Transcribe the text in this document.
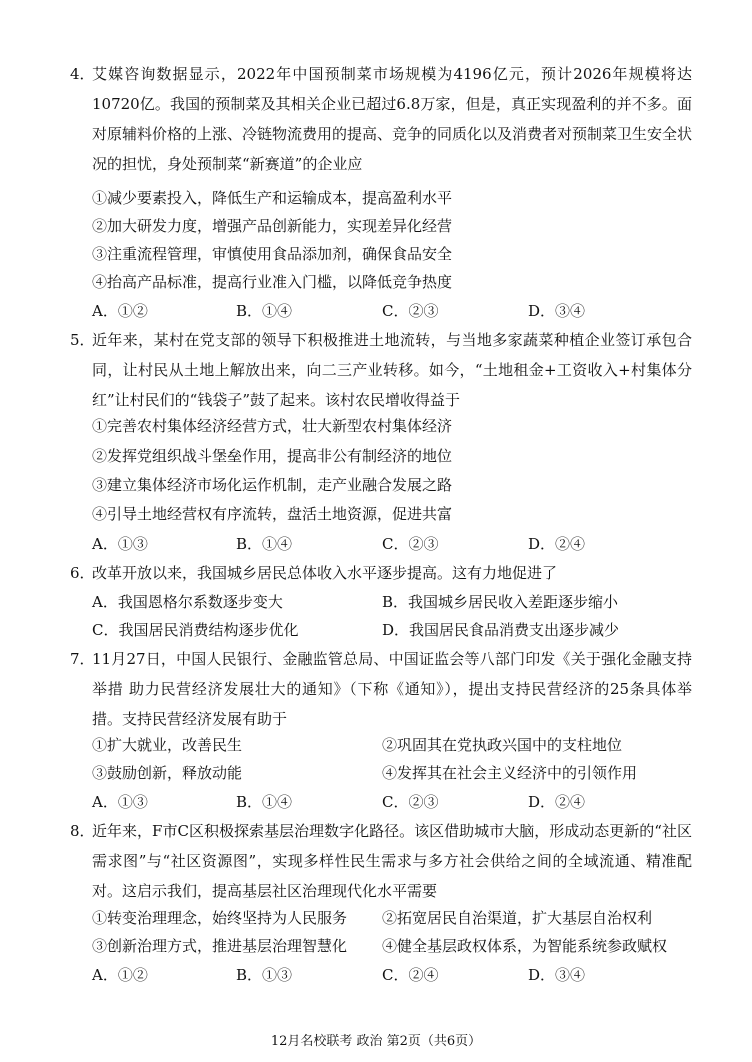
4．
艾媒咨询数据显示，2022年中国预制菜市场规模为4196亿元，预计2026年规模将达10720亿。我国的预制菜及其相关企业已超过6.8万家，但是，真正实现盈利的并不多。面对原辅料价格的上涨、冷链物流费用的提高、竞争的同质化以及消费者对预制菜卫生安全状况的担忧，身处预制菜“新赛道”的企业应
①减少要素投入，降低生产和运输成本，提高盈利水平
②加大研发力度，增强产品创新能力，实现差异化经营
③注重流程管理，审慎使用食品添加剂，确保食品安全
④抬高产品标准，提高行业准入门槛，以降低竞争热度
A．①②	B．①④	C．②③	D．③④
5．
近年来，某村在党支部的领导下积极推进土地流转，与当地多家蔬菜种植企业签订承包合同，让村民从土地上解放出来，向二三产业转移。如今，“土地租金+工资收入+村集体分红”让村民们的“钱袋子”鼓了起来。该村农民增收得益于
①完善农村集体经济经营方式，壮大新型农村集体经济
②发挥党组织战斗堡垒作用，提高非公有制经济的地位
③建立集体经济市场化运作机制，走产业融合发展之路
④引导土地经营权有序流转，盘活土地资源，促进共富
A．①③	B．①④	C．②③	D．②④
6．
改革开放以来，我国城乡居民总体收入水平逐步提高。这有力地促进了
A．我国恩格尔系数逐步变大	B．我国城乡居民收入差距逐步缩小
C．我国居民消费结构逐步优化	D．我国居民食品消费支出逐步减少
7．
11月27日，中国人民银行、金融监管总局、中国证监会等八部门印发《关于强化金融支持举措 助力民营经济发展壮大的通知》（下称《通知》），提出支持民营经济的25条具体举措。支持民营经济发展有助于
①扩大就业，改善民生	②巩固其在党执政兴国中的支柱地位
③鼓励创新，释放动能	④发挥其在社会主义经济中的引领作用
A．①③	B．①④	C．②③	D．②④
8．
近年来，F市C区积极探索基层治理数字化路径。该区借助城市大脑，形成动态更新的“社区需求图”与“社区资源图”，实现多样性民生需求与多方社会供给之间的全域流通、精准配对。这启示我们，提高基层社区治理现代化水平需要
①转变治理理念，始终坚持为人民服务 ②拓宽居民自治渠道，扩大基层自治权利
③创新治理方式，推进基层治理智慧化 ④健全基层政权体系，为智能系统参政赋权
A．①②	B．①③	C．②④	D．③④
12月名校联考 政治 第2页（共6页）
